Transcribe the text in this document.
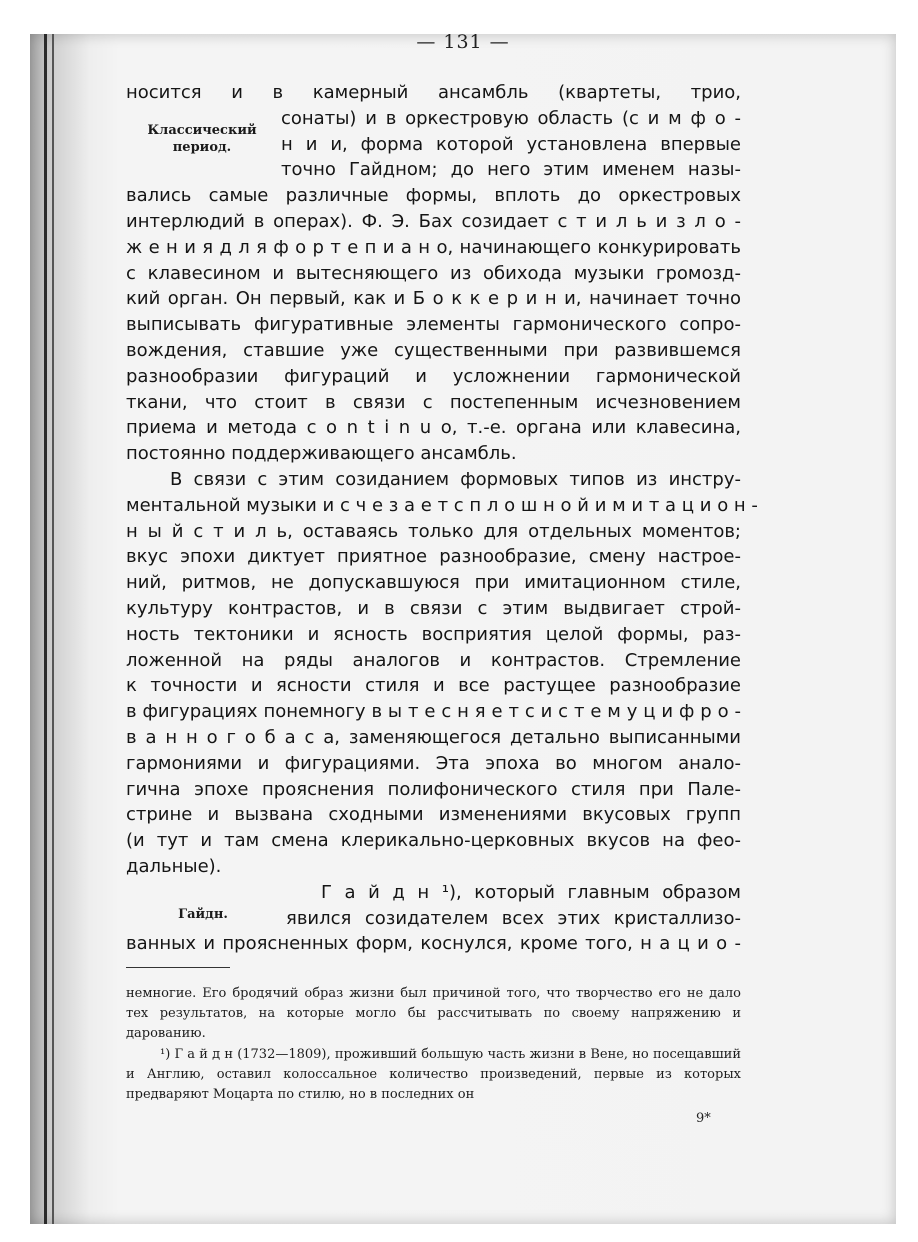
— 131 —

Классический
период.

Гайдн.

носится и в камерный ансамбль (квартеты, трио,
сонаты) и в оркестровую область (с и м ф о -
н и и, форма которой установлена впервые
точно Гайдном; до него этим именем назы-
вались самые различные формы, вплоть до оркестровых
интерлюдий в операх). Ф. Э. Бах созидает с т и л ь и з л о -
ж е н и я д л я ф о р т е п и а н о, начинающего конкурировать
с клавесином и вытесняющего из обихода музыки громозд-
кий орган. Он первый, как и Б о к к е р и н и, начинает точно
выписывать фигуративные элементы гармонического сопро-
вождения, ставшие уже существенными при развившемся
разнообразии фигураций и усложнении гармонической
ткани, что стоит в связи с постепенным исчезновением
приема и метода c o n t i n u o, т.-е. органа или клавесина,
постоянно поддерживающего ансамбль.
В связи с этим созиданием формовых типов из инстру-
ментальной музыки и с ч е з а е т с п л о ш н о й и м и т а ц и о н -
н ы й с т и л ь, оставаясь только для отдельных моментов;
вкус эпохи диктует приятное разнообразие, смену настрое-
ний, ритмов, не допускавшуюся при имитационном стиле,
культуру контрастов, и в связи с этим выдвигает строй-
ность тектоники и ясность восприятия целой формы, раз-
ложенной на ряды аналогов и контрастов. Стремление
к точности и ясности стиля и все растущее разнообразие
в фигурациях понемногу в ы т е с н я е т с и с т е м у ц и ф р о -
в а н н о г о б а с а, заменяющегося детально выписанными
гармониями и фигурациями. Эта эпоха во многом анало-
гична эпохе прояснения полифонического стиля при Пале-
стрине и вызвана сходными изменениями вкусовых групп
(и тут и там смена клерикально-церковных вкусов на фео-
дальные).
Г а й д н ¹), который главным образом
явился созидателем всех этих кристаллизо-
ванных и проясненных форм, коснулся, кроме того, н а ц и о -

немногие. Его бродячий образ жизни был причиной того, что творчество его не дало тех результатов, на которые могло бы рассчитывать по своему напряжению и дарованию.

¹) Г а й д н (1732—1809), проживший большую часть жизни в Вене, но посещавший и Англию, оставил колоссальное количество произведений, первые из которых предваряют Моцарта по стилю, но в последних он

9*
